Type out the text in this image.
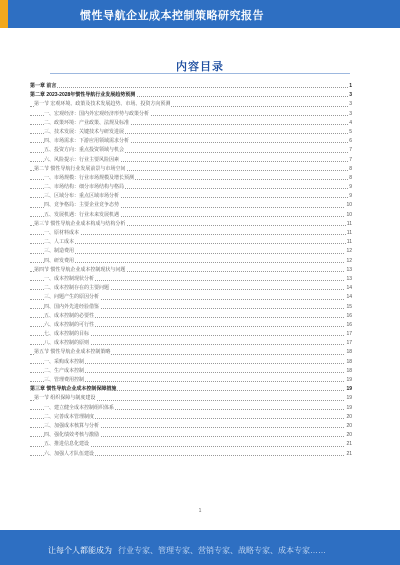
惯性导航企业成本控制策略研究报告
内容目录
第一章 前言	1
第二章 2023-2028年惯性导航行业发展趋势预测	3
第一节 宏观环境、政策及技术发展趋势、市场、投资方向预测	3
一、宏观经济：国内外宏观经济形势与政策分析	3
二、政策环境：产业政策、法规及标准	4
三、技术发展：关键技术与研发进展	5
四、市场需求：下游应用领域需求分析	6
五、投资方向：重点投资领域与机会	7
六、风险提示：行业主要风险因素	7
第二节 惯性导航行业发展前景与市场空间	8
一、市场规模：行业市场规模及增长预测	8
二、市场结构：细分市场结构与格局	9
三、区域分布：重点区域市场分析	9
四、竞争格局：主要企业竞争态势	10
五、发展机遇：行业未来发展机遇	10
第三节 惯性导航企业成本构成与结构分析	11
一、原材料成本	11
二、人工成本	11
三、制造费用	12
四、研发费用	12
第四节 惯性导航企业成本控制现状与问题	13
一、成本控制现状分析	13
二、成本控制存在的主要问题	14
三、问题产生的原因分析	14
四、国内外先进经验借鉴	15
五、成本控制的必要性	16
六、成本控制的可行性	16
七、成本控制的目标	17
八、成本控制的原则	17
第五节 惯性导航企业成本控制策略	18
一、采购成本控制	18
二、生产成本控制	18
三、管理费用控制	19
第三章 惯性导航企业成本控制保障措施	19
第一节 组织保障与制度建设	19
一、建立健全成本控制组织体系	19
二、完善成本管理制度	20
三、加强成本核算与分析	20
四、强化绩效考核与激励	20
五、推进信息化建设	21
六、加强人才队伍建设	21
1
让每个人都能成为 行业专家、管理专家、营销专家、战略专家、成本专家……
